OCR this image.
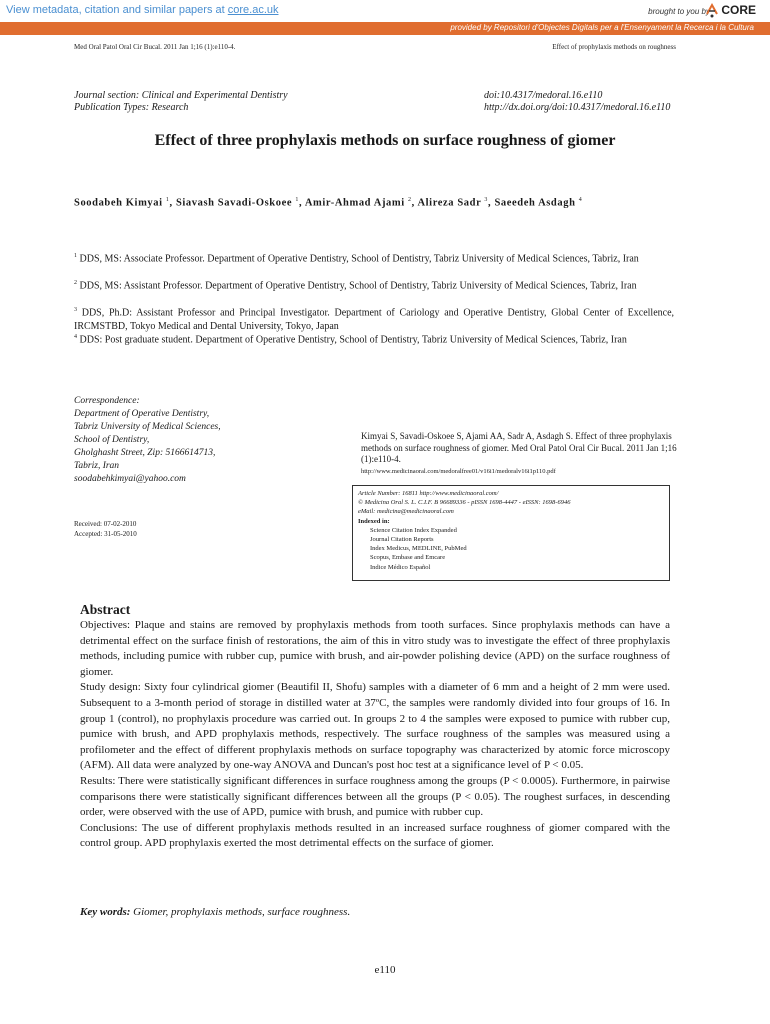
View metadata, citation and similar papers at core.ac.uk	brought to you by CORE
provided by Repositori d'Objectes Digitals per a l'Ensenyament la Recerca i la Cultura
Med Oral Patol Oral Cir Bucal. 2011 Jan 1;16 (1):e110-4.	Effect of prophylaxis methods on roughness
Journal section: Clinical and Experimental Dentistry
Publication Types: Research
doi:10.4317/medoral.16.e110
http://dx.doi.org/doi:10.4317/medoral.16.e110
Effect of three prophylaxis methods on surface roughness of giomer
Soodabeh Kimyai $^1$, Siavash Savadi-Oskoee $^1$, Amir-Ahmad Ajami $^2$, Alireza Sadr $^3$, Saeedeh Asdagh $^4$
$^1$ DDS, MS: Associate Professor. Department of Operative Dentistry, School of Dentistry, Tabriz University of Medical Sciences, Tabriz, Iran
$^2$ DDS, MS: Assistant Professor. Department of Operative Dentistry, School of Dentistry, Tabriz University of Medical Sciences, Tabriz, Iran
$^3$ DDS, Ph.D: Assistant Professor and Principal Investigator. Department of Cariology and Operative Dentistry, Global Center of Excellence, IRCMSTBD, Tokyo Medical and Dental University, Tokyo, Japan
$^4$ DDS: Post graduate student. Department of Operative Dentistry, School of Dentistry, Tabriz University of Medical Sciences, Tabriz, Iran
Correspondence:
Department of Operative Dentistry,
Tabriz University of Medical Sciences,
School of Dentistry,
Gholghasht Street, Zip: 5166614713,
Tabriz, Iran
soodabehkimyai@yahoo.com
Kimyai S, Savadi-Oskoee S, Ajami AA, Sadr A, Asdagh S. Effect of three prophylaxis methods on surface roughness of giomer. Med Oral Patol Oral Cir Bucal. 2011 Jan 1;16 (1):e110-4.
http://www.medicinaoral.com/medoralfree01/v16i1/medoralv16i1p110.pdf
Received: 07-02-2010
Accepted: 31-05-2010
Article Number: 16811 http://www.medicinaoral.com/
© Medicina Oral S. L. C.I.F. B 96689336 - pISSN 1698-4447 - eISSN: 1698-6946
eMail: medicina@medicinaoral.com
Indexed in:
Science Citation Index Expanded
Journal Citation Reports
Index Medicus, MEDLINE, PubMed
Scopus, Embase and Emcare
Indice Médico Español
Abstract

Objectives: Plaque and stains are removed by prophylaxis methods from tooth surfaces. Since prophylaxis methods can have a detrimental effect on the surface finish of restorations, the aim of this in vitro study was to investigate the effect of three prophylaxis methods, including pumice with rubber cup, pumice with brush, and air-powder polishing device (APD) on the surface roughness of giomer.

Study design: Sixty four cylindrical giomer (Beautifil II, Shofu) samples with a diameter of 6 mm and a height of 2 mm were used. Subsequent to a 3-month period of storage in distilled water at 37ºC, the samples were randomly divided into four groups of 16. In group 1 (control), no prophylaxis procedure was carried out. In groups 2 to 4 the samples were exposed to pumice with rubber cup, pumice with brush, and APD prophylaxis methods, respectively. The surface roughness of the samples was measured using a profilometer and the effect of different prophylaxis methods on surface topography was characterized by atomic force microscopy (AFM). All data were analyzed by one-way ANOVA and Duncan's post hoc test at a significance level of P < 0.05.

Results: There were statistically significant differences in surface roughness among the groups (P < 0.0005). Furthermore, in pairwise comparisons there were statistically significant differences between all the groups (P < 0.05). The roughest surfaces, in descending order, were observed with the use of APD, pumice with brush, and pumice with rubber cup.

Conclusions: The use of different prophylaxis methods resulted in an increased surface roughness of giomer compared with the control group. APD prophylaxis exerted the most detrimental effects on the surface of giomer.

Key words: Giomer, prophylaxis methods, surface roughness.
e110
